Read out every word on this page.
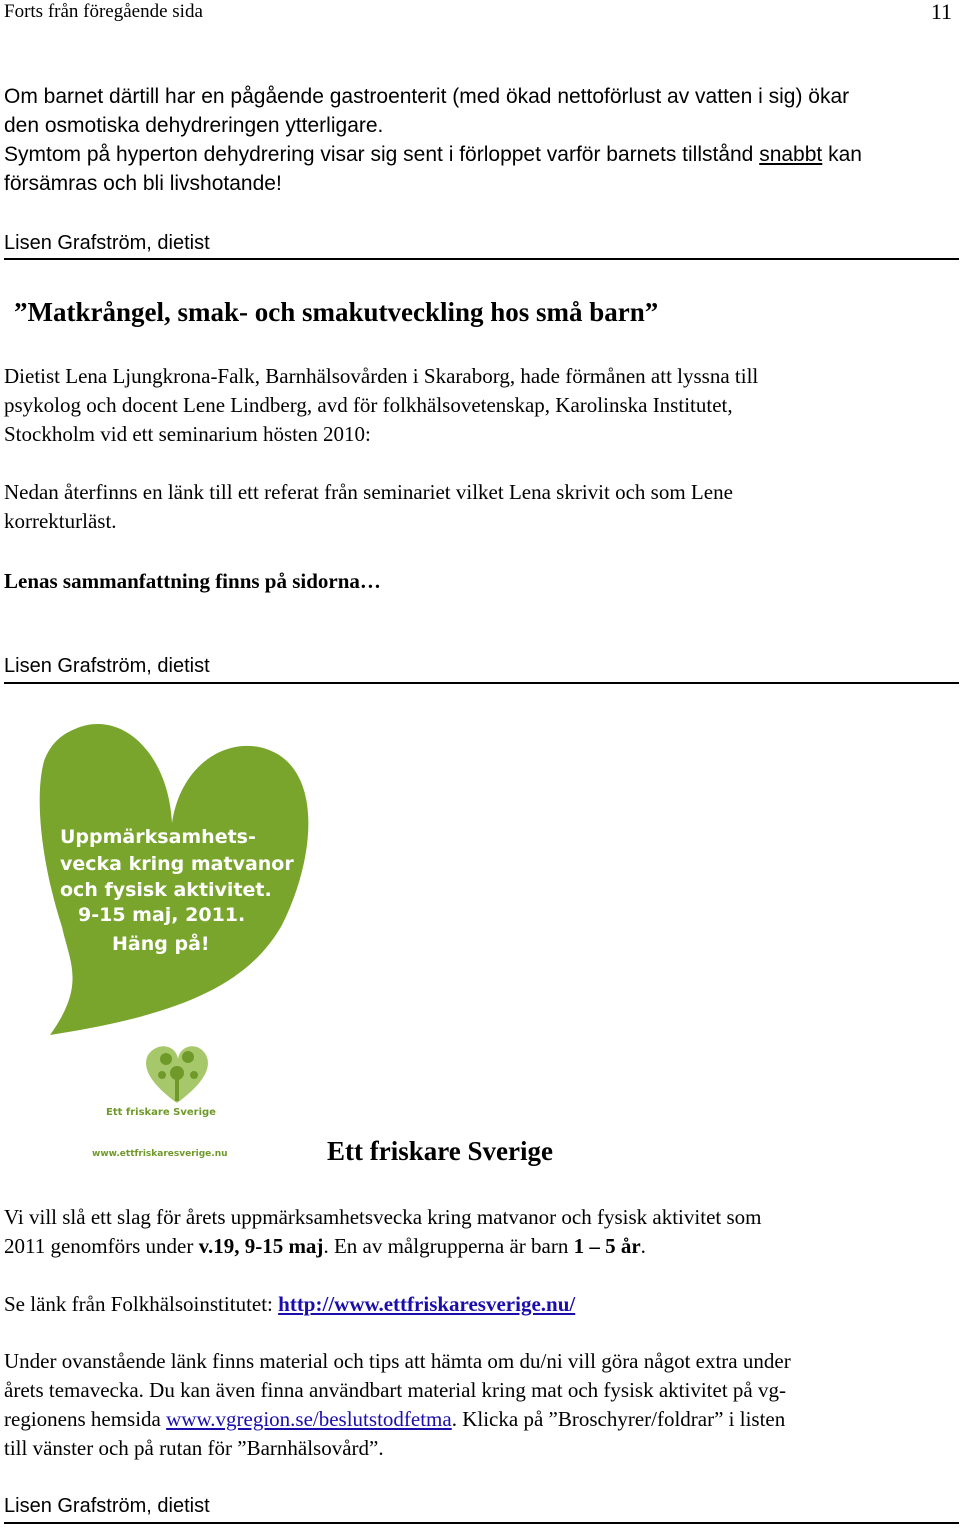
Forts från föregående sida	11
Om barnet därtill har en pågående gastroenterit (med ökad nettoförlust av vatten i sig) ökar
den osmotiska dehydreringen ytterligare.
Symtom på hyperton dehydrering visar sig sent i förloppet varför barnets tillstånd snabbt kan
försämras och bli livshotande!
Lisen Grafström, dietist
”Matkrångel, smak- och smakutveckling hos små barn”
Dietist Lena Ljungkrona-Falk, Barnhälsovården i Skaraborg, hade förmånen att lyssna till
psykolog och docent Lene Lindberg, avd för folkhälsovetenskap, Karolinska Institutet,
Stockholm vid ett seminarium hösten 2010:
Nedan återfinns en länk till ett referat från seminariet vilket Lena skrivit och som Lene
korrekturläst.
Lenas sammanfattning finns på sidorna…
Lisen Grafström, dietist
Uppmärksamhets-
vecka kring matvanor
och fysisk aktivitet.
9-15 maj, 2011.
Häng på!
Ett friskare Sverige
www.ettfriskaresverige.nu	Ett friskare Sverige
Vi vill slå ett slag för årets uppmärksamhetsvecka kring matvanor och fysisk aktivitet som
2011 genomförs under v.19, 9-15 maj. En av målgrupperna är barn 1 – 5 år.
Se länk från Folkhälsoinstitutet: http://www.ettfriskaresverige.nu/
Under ovanstående länk finns material och tips att hämta om du/ni vill göra något extra under
årets temavecka. Du kan även finna användbart material kring mat och fysisk aktivitet på vg-
regionens hemsida www.vgregion.se/beslutstodfetma. Klicka på ”Broschyrer/foldrar” i listen
till vänster och på rutan för ”Barnhälsovård”.
Lisen Grafström, dietist
